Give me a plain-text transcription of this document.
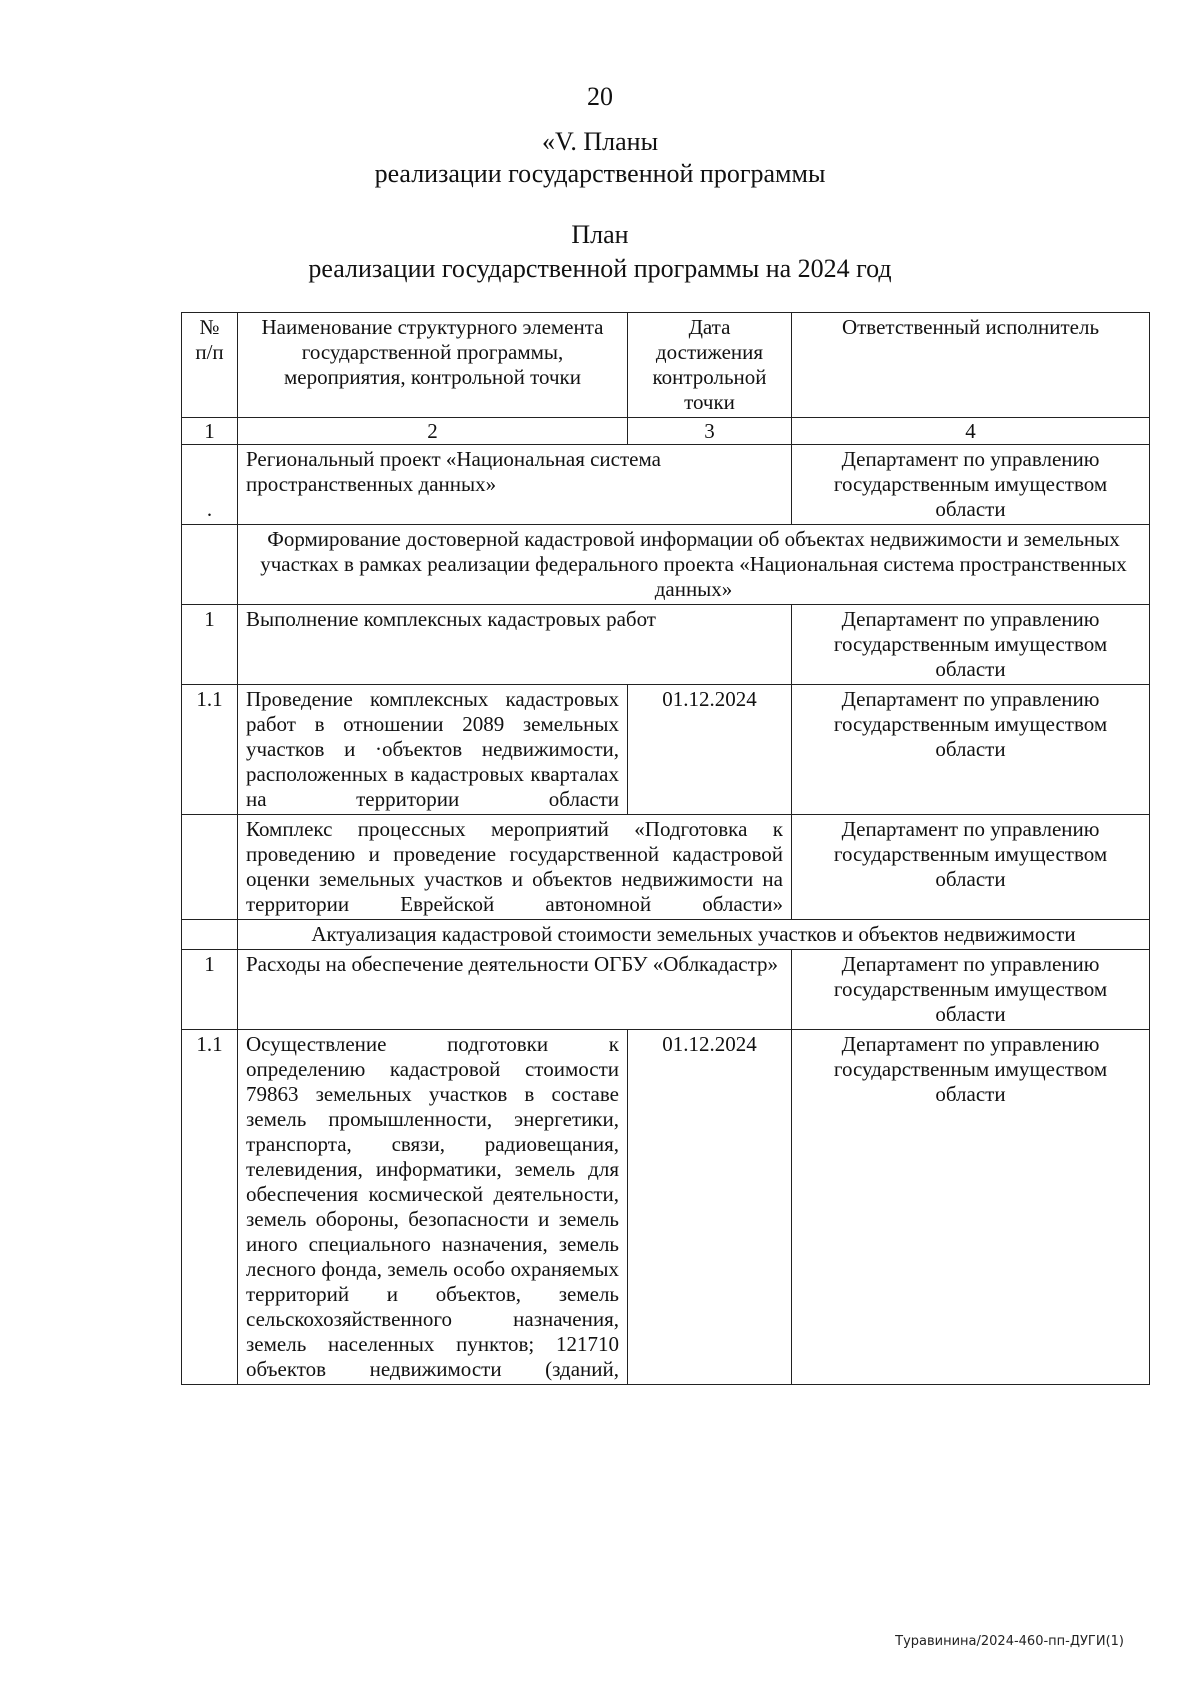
20
«V. Планы
реализации государственной программы
План
реализации государственной программы на 2024 год
№ п/п	Наименование структурного элемента государственной программы, мероприятия, контрольной точки	Дата достижения контрольной точки	Ответственный исполнитель
1	2	3	4
.	Региональный проект «Национальная система пространственных данных»		Департамент по управлению государственным имуществом области
	Формирование достоверной кадастровой информации об объектах недвижимости и земельных участках в рамках реализации федерального проекта «Национальная система пространственных данных»		
1	Выполнение комплексных кадастровых работ		Департамент по управлению государственным имуществом области
1.1	Проведение комплексных кадастровых работ в отношении 2089 земельных участков и ·объектов недвижимости, расположенных в кадастровых кварталах на территории области	01.12.2024	Департамент по управлению государственным имуществом области
	Комплекс процессных мероприятий «Подготовка к проведению и проведение государственной кадастровой оценки земельных участков и объектов недвижимости на территории Еврейской автономной области»		Департамент по управлению государственным имуществом области
	Актуализация кадастровой стоимости земельных участков и объектов недвижимости		
1	Расходы на обеспечение деятельности ОГБУ «Облкадастр»		Департамент по управлению государственным имуществом области
1.1	Осуществление подготовки к определению кадастровой стоимости 79863 земельных участков в составе земель промышленности, энергетики, транспорта, связи, радиовещания, телевидения, информатики, земель для обеспечения космической деятельности, земель обороны, безопасности и земель иного специального назначения, земель лесного фонда, земель особо охраняемых территорий и объектов, земель сельскохозяйственного назначения, земель населенных пунктов; 121710 объектов недвижимости (зданий,	01.12.2024	Департамент по управлению государственным имуществом области
Туравинина/2024-460-пп-ДУГИ(1)
